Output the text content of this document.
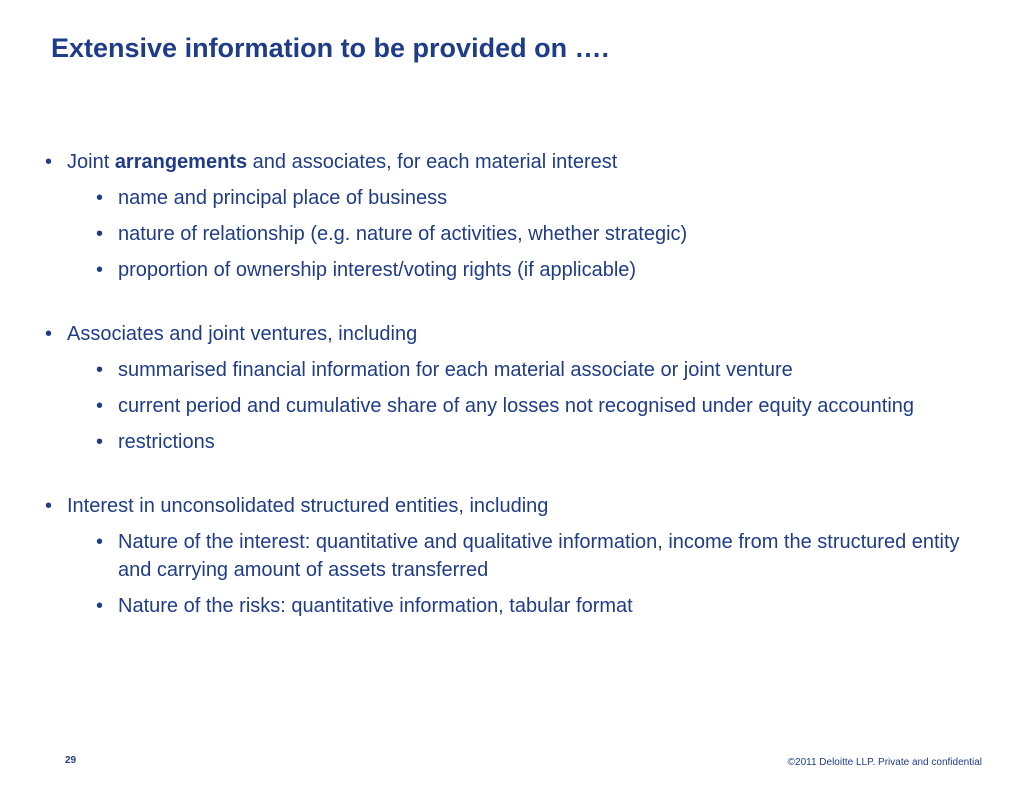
Extensive information to be provided on ….

• Joint arrangements and associates, for each material interest

• name and principal place of business
• nature of relationship (e.g. nature of activities, whether strategic)
• proportion of ownership interest/voting rights (if applicable)

• Associates and joint ventures, including

• summarised financial information for each material associate or joint venture
• current period and cumulative share of any losses not recognised under equity accounting
• restrictions

• Interest in unconsolidated structured entities, including

• Nature of the interest: quantitative and qualitative information, income from the structured entity and carrying amount of assets transferred
• Nature of the risks: quantitative information, tabular format
29	©2011 Deloitte LLP. Private and confidential
